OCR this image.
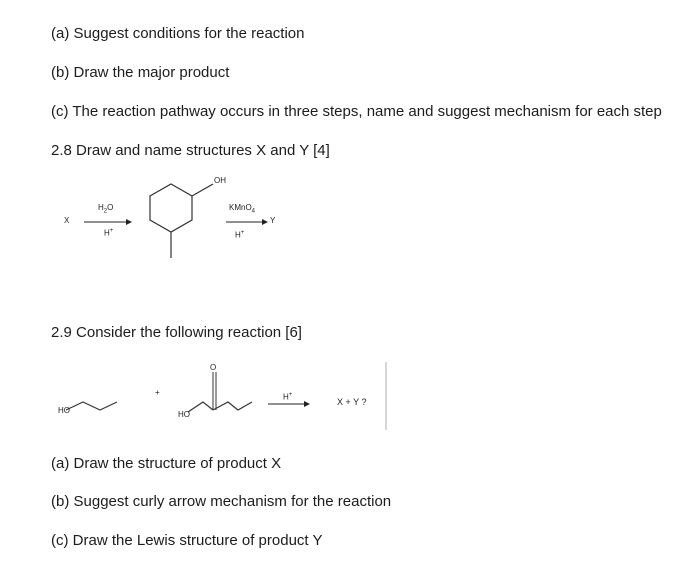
(a) Suggest conditions for the reaction
(b) Draw the major product
(c) The reaction pathway occurs in three steps, name and suggest mechanism for each step
2.8 Draw and name structures X and Y [4]
X
$H_2O$
H+
OH
KMnO$_4$
H+
Y
2.9 Consider the following reaction [6]
HO
+
HO
O
H+
X + Y ?
(a) Draw the structure of product X
(b) Suggest curly arrow mechanism for the reaction
(c) Draw the Lewis structure of product Y
